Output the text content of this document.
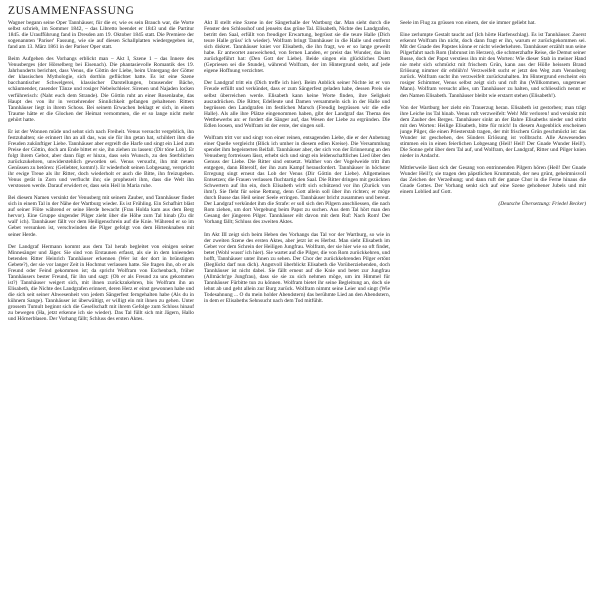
ZUSAMMENFASSUNG

Wagner begann seine Oper Tannhäuser, für die er, wie es sein Brauch war, die Worte selbst schrieb, im Sommer 1842, – das Libretto beendet er 1843 und die Partitur 1845. die Uraufführung fand in Dresden am 19. Oktober 1845 statt. Die Premiere der sogenannten 'Pariser' Fassung, wie sie auf diesen Schallplatten wiedergegeben ist, fand am 13. März 1861 in der Pariser Oper statt.

Beim Aufgehen des Vorhangs erblickt man – Akt I, Szene 1 – das Innere des Venusberges (der Hörselberg bei Eisenach). Die phantasievolle Romantik des 19. Jahrhunderts berichtet, dass Venus, die Göttin der Liebe, beim Untergang der Götter der klassischen Mythologie, sich dorthin geflüchtet hatte. Es ist eine Szene bacchantischer Schwelgerei, klassischer Darstellungen, brausender Bäche, schäumender, rasender Tänze und rosiger Nebelschleier. Sirenen und Najaden locken verführerisch: (Naht euch dem Strande). Die Göttin ruht an einer Rosenlaube, das Haupt des von ihr in verzehrender Sinnlichkeit gefangen gehaltenen Ritters Tannhäuser liegt in ihrem Schoss. Bei seinem Erwachen beklagt er sich, in einem Traume hätte er die Glocken der Heimat vernommen, die er so lange nicht mehr gehört hatte.

Er ist der Wonnen müde und sehnt sich nach Freiheit. Venus versucht vergeblich, ihn festzuhalten; sie erinnert ihn an all das, was sie für ihn getan hat, schildert ihm die Freuden zukünftiger Liebe. Tannhäuser aber ergreift die Harfe und singt ein Lied zum Preise der Göttin, doch am Ende bittet er sie, ihn ziehen zu lassen: (Dir töne Lob). Er folgt ihrem Gebot, aber dann fügt er hinzu, dass sein Wunsch, zu den Sterblichen zurückzukehren, unwiderstehlich geworden sei. Venus versucht, ihn mit neuen Genüssen zu betören: (Geliebter, komm!). Er wiederholt seinen Lobgesang, verspricht ihr ewige Treue als ihr Ritter, doch wiederholt er auch die Bitte, ihn freizugeben. Venus gerät in Zorn und verflucht ihn; sie prophezeit ihm, dass die Welt ihn verstossen werde. Darauf erwidert er, dass sein Heil in Maria ruhe.

Bei diesem Namen versinkt der Venusberg mit seinem Zauber, und Tannhäuser findet sich in einem Tal in der Nähe der Wartburg wieder. Es ist Frühling. Ein Schafhirt bläst auf seiner Flöte während er seine Herde bewacht (Frau Holda kam aus dem Berg hervor). Eine Gruppe singender Pilger zieht über die Höhe zum Tal hinab (Zu dir wall' ich). Tannhäuser fällt vor dem Heiligenschrein auf die Knie. Während er so im Gebet versunken ist, verschwinden die Pilger gefolgt von dem Hirtenknaben mit seiner Herde.

Der Landgraf Hermann kommt aus dem Tal herab begleitet von einigen seiner Minnesänger und Jäger. Sie sind von Erstaunen erfasst, als sie in dem knieenden betenden Ritter Heinrich Tannhäuser erkennen (Wer ist der dort in brünstigem Gebete?), der sie vor langer Zeit in Hochmut verlassen hatte. Sie fragen ihn, ob er als Freund oder Feind gekommen ist; da spricht Wolfram von Eschenbach, früher Tannhäusers bester Freund, für ihn und sagt: (Ob er als Freund zu uns gekommen ist?) Tannhäuser weigert sich, mit ihnen zurückzukehren, bis Wolfram ihn an Elisabeth, die Nichte des Landgrafen erinnert, deren Herz er einst gewonnen habe und die sich seit seiner Abwesenheit von jedem Sängerfest ferngehalten habe (Als du in kühnem Sange). Tannhäuser ist überwältigt, er willigt ein mit ihnen zu gehen. Unter grossem Tumult beginnt sich die Gesellschaft mit ihrem Gefolge zum Schloss hinauf zu bewegen (Ha, jetzt erkenne ich sie wieder). Das Tal füllt sich mit Jägern, Hallo und Hörnerblasen. Der Vorhang fällt; Schluss des ersten Aktes.

Akt II stellt eine Szene in der Sängerhalle der Wartburg dar. Man sieht durch die Fenster den Schlosshof und jenseits das grüne Tal. Elisabeth, Nichte des Landgrafen, betritt den Saal, erfüllt von freudiger Erwartung, begrüsst sie die teure Halle (Dich teure Halle grüss' ich wieder). Wolfram bringt Tannhäuser in die Halle und entfernt sich diskret. Tannhäuser kniet vor Elisabeth, die ihn fragt, wo er so lange geweilt habe. Er antwortet ausweichend, von fernen Landen, er preist das Wunder, das ihn zurückgeführt hat: (Den Gott der Liebe). Beide singen ein glückliches Duett (Gepriesen sei die Stunde), während Wolfram, der im Hintergrund steht, auf jede eigene Hoffnung verzichtet.

Der Landgraf tritt ein (Dich treffe ich hier). Beim Anblick seiner Nichte ist er von Freude erfüllt und verkündet, dass er zum Sängerfest geladen habe, dessen Preis sie selbst überreichen werde. Elisabeth kann keine Worte finden, ihre Seligkeit auszudrücken. Die Ritter, Edelleute und Damen versammeln sich in der Halle und begrüssen den Landgrafen im festlichen Marsch (Freudig begrüssen wir die edle Halle). Als alle ihre Plätze eingenommen haben, gibt der Landgraf das Thema des Wettbewerbs an: er fordert die Sänger auf, das Wesen der Liebe zu ergründen. Die Edlen loosen, und Wolfram ist der erste, der singen soll.

Wolfram tritt vor und singt von einer reinen, entsagenden Liebe, die er der Anbetung einer Quelle vergleicht (Blick ich umher in diesem edlen Kreise). Die Versammlung spendet ihm begeisterten Beifall. Tannhäuser aber, der sich von der Erinnerung an den Venusberg fortreissen lässt, erhebt sich und singt ein leidenschaftliches Lied über den Genuss der Liebe. Die Ritter sind entsetzt. Walther von der Vogelweide tritt ihm entgegen, dann Biterolf, der ihn zum Kampf herausfordert. Tannhäuser in höchster Erregung singt erneut das Lob der Venus (Dir Göttin der Liebe). Allgemeines Entsetzen; die Frauen verlassen fluchtartig den Saal. Die Ritter dringen mit gezückten Schwertern auf ihn ein, doch Elisabeth wirft sich schützend vor ihn (Zurück von ihm!). Sie fleht für seine Rettung, denn Gott allein soll über ihn richten; er möge durch Busse das Heil seiner Seele erringen. Tannhäuser bricht zusammen und bereut. Der Landgraf verkündet ihm die Strafe: er soll sich den Pilgern anschliessen, die nach Rom ziehen, um dort Vergebung beim Papst zu suchen. Aus dem Tal hört man den Gesang der jüngeren Pilger. Tannhäuser eilt davon mit dem Ruf: Nach Rom! Der Vorhang fällt; Schluss des zweiten Aktes.

Im Akt III zeigt sich beim Heben des Vorhangs das Tal vor der Wartburg, so wie in der zweiten Szene des ersten Aktes, aber jetzt ist es Herbst. Man sieht Elisabeth im Gebet vor dem Schrein der Heiligen Jungfrau. Wolfram, der sie hier wie so oft findet, betet (Wohl wusst' ich hier). Sie wartet auf die Pilger, die von Rom zurückkehren, und hofft, Tannhäuser unter ihnen zu sehen. Der Chor der zurückkehrenden Pilger ertönt (Beglückt darf nun dich). Angstvoll überblickt Elisabeth die Vorüberziehenden, doch Tannhäuser ist nicht dabei. Sie fällt erneut auf die Knie und betet zur Jungfrau (Allmächt'ge Jungfrau), dass sie sie zu sich nehmen möge, um im Himmel für Tannhäuser Fürbitte tun zu können. Wolfram bietet ihr seine Begleitung an, doch sie lehnt ab und geht allein zur Burg zurück. Wolfram nimmt seine Leier und singt (Wie Todesahnung ... O du mein holder Abendstern) das berühmte Lied an den Abendstern, in dem er Elisabeths Sehnsucht nach dem Tod mitfühlt.

Seele im Flug zu grüssen von einem, der sie immer geliebt hat.

Eine zerlumpte Gestalt taucht auf (Ich hörte Harfenschlag). Es ist Tannhäuser. Zuerst erkennt Wolfram ihn nicht, doch dann fragt er ihn, warum er zurückgekommen sei. Mit der Gnade des Papstes könne er nicht wiederkehren. Tannhäuser erzählt nun seine Pilgerfahrt nach Rom (Inbrunst im Herzen), die schmerzhafte Reise, die Demut seiner Busse, doch der Papst verstiess ihn mit den Worten: Wie dieser Stab in meiner Hand nie mehr sich schmückt mit frischem Grün, kann aus der Hölle heissem Brand Erlösung nimmer dir erblüh'n! Verzweifelt sucht er jetzt den Weg zum Venusberg zurück. Wolfram sucht ihn verzweifelt zurückzuhalten. Im Hintergrund erscheint ein rosiger Schimmer, Venus selbst zeigt sich und ruft ihn (Willkommen, ungetreuer Mann). Wolfram versucht alles, um Tannhäuser zu halten, und schliesslich nennt er den Namen Elisabeth. Tannhäuser bleibt wie erstarrt stehen (Elisabeth!).

Von der Wartburg her zieht ein Trauerzug heran. Elisabeth ist gestorben; man trägt ihre Leiche ins Tal hinab. Venus ruft verzweifelt: Weh! Mir verloren! und versinkt mit dem Zauber des Berges. Tannhäuser sinkt an der Bahre Elisabeths nieder und stirbt mit den Worten: Heilige Elisabeth, bitte für mich! In diesem Augenblick erscheinen junge Pilger, die einen Priesterstab tragen, der mit frischem Grün geschmückt ist: das Wunder ist geschehen, des Sünders Erlösung ist vollbracht. Alle Anwesenden stimmen ein in einen feierlichen Lobgesang (Heil! Heil! Der Gnade Wunder Heil!). Die Sonne geht über dem Tal auf, und Wolfram, der Landgraf, Ritter und Pilger knien nieder in Andacht.

Mittlerweile lässt sich der Gesang von entrinnenden Pilgern hören (Heil! Der Gnade Wunder Heil!); sie tragen den päpstlichen Krummstab, der neu grünt, geheimnisvoll das Zeichen der Verzeihung; und dann ruft der ganze Chor in die Ferne hinaus die Gnade Gottes. Der Vorhang senkt sich auf eine Szene gehobener Jubels und mit einem Loblied auf Gott.

(Deutsche Übersetzung: Friedel Becker)
